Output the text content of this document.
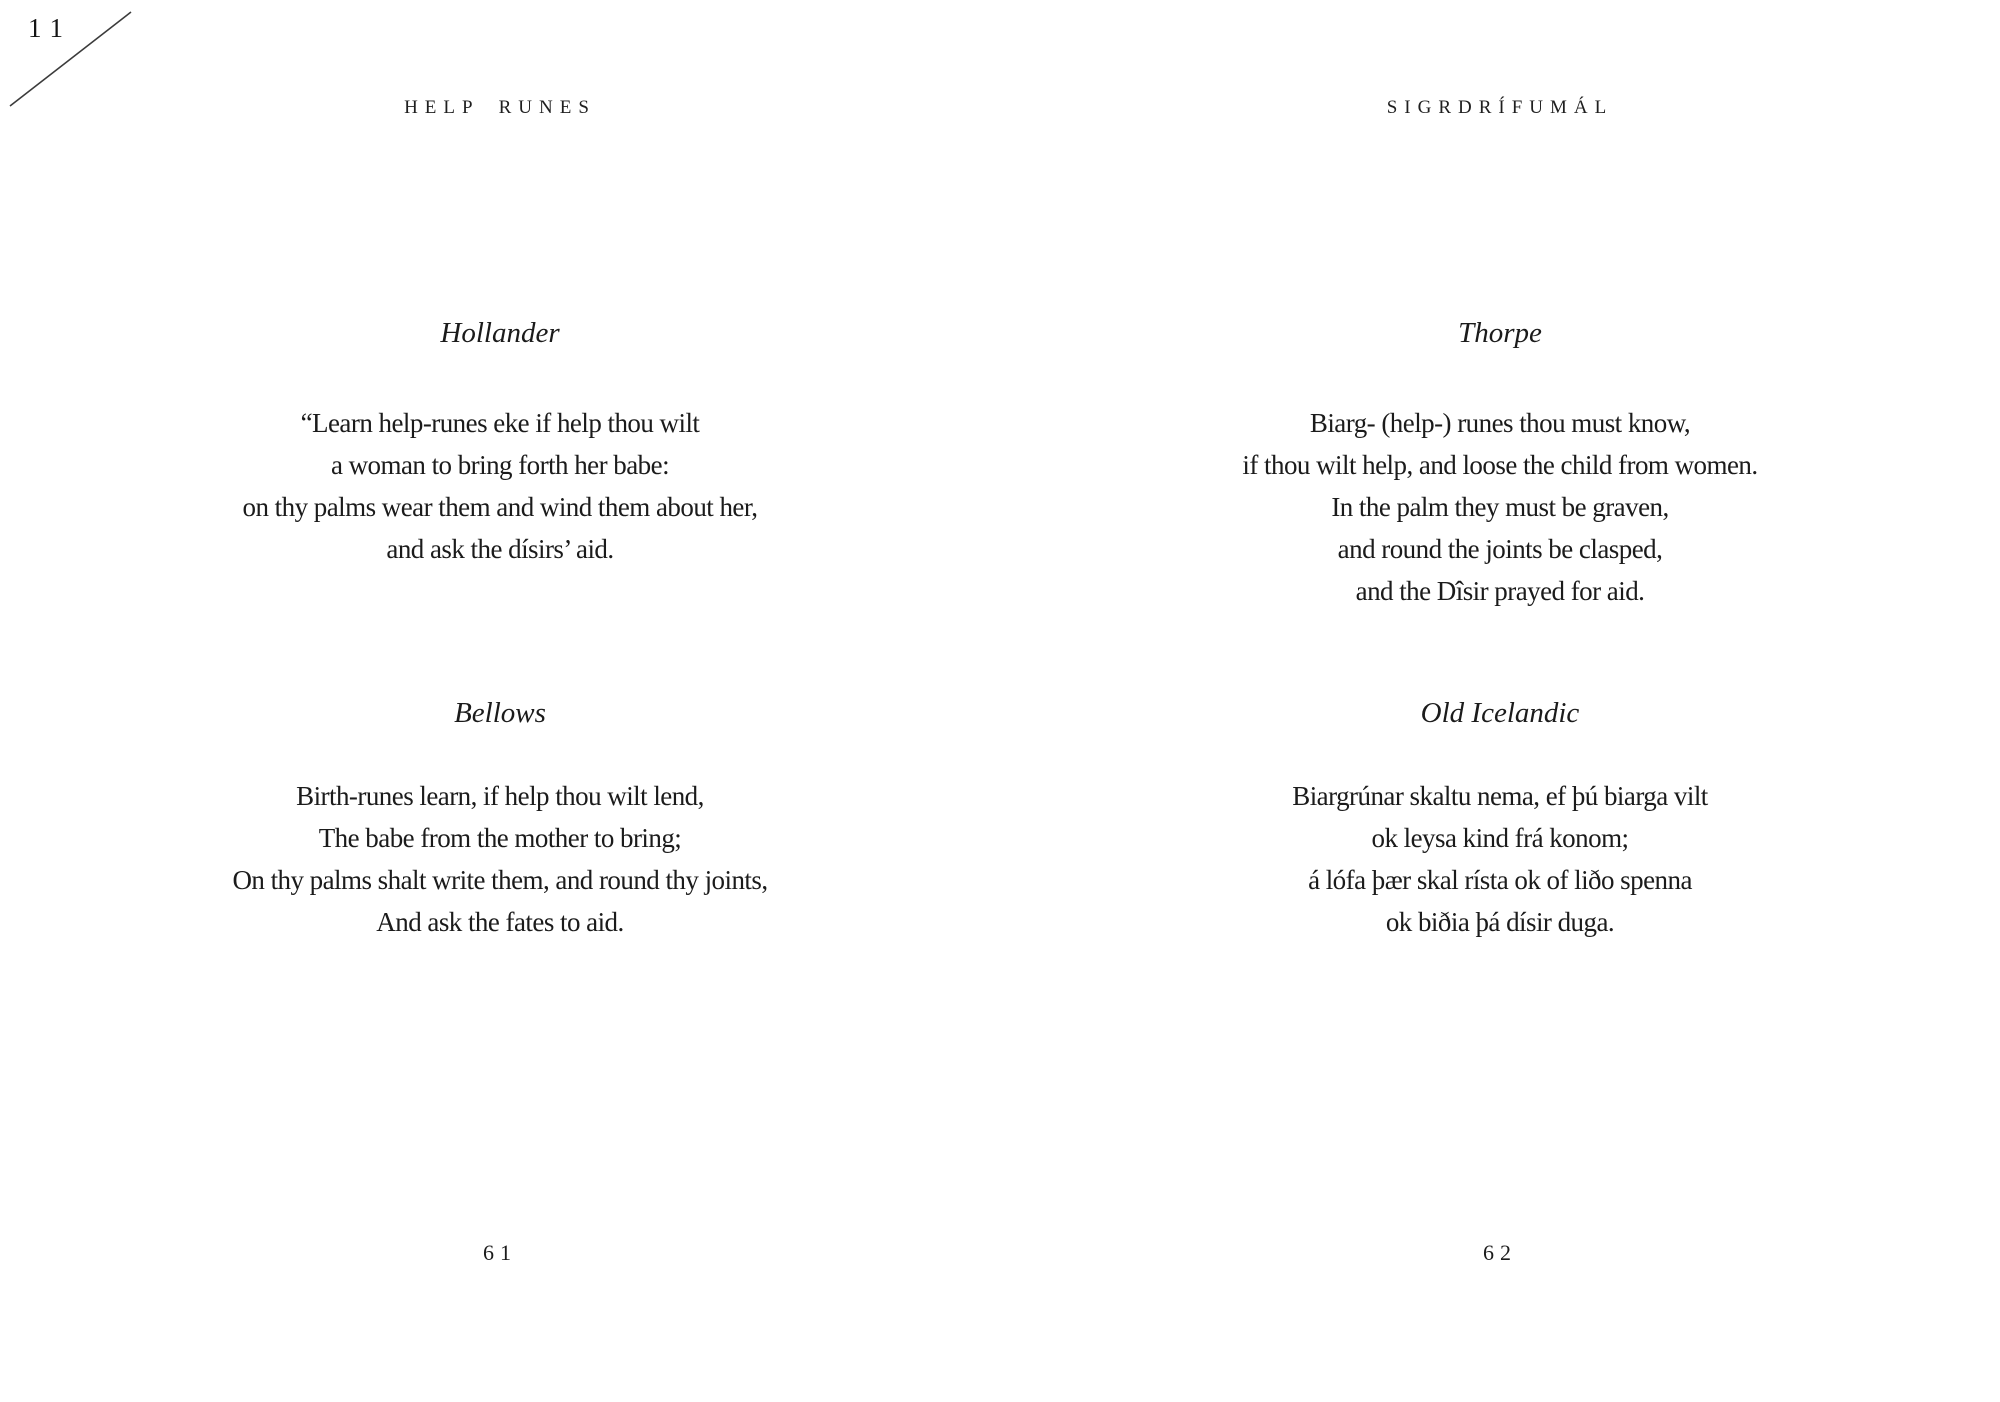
11
HELP RUNES
Hollander
“Learn help-runes eke if help thou wilt
a woman to bring forth her babe:
on thy palms wear them and wind them about her,
and ask the dísirs’ aid.
Bellows
Birth-runes learn, if help thou wilt lend,
The babe from the mother to bring;
On thy palms shalt write them, and round thy joints,
And ask the fates to aid.
61
SIGRDRÍFUMÁL
Thorpe
Biarg- (help-) runes thou must know,
if thou wilt help, and loose the child from women.
In the palm they must be graven,
and round the joints be clasped,
and the Dîsir prayed for aid.
Old Icelandic
Biargrúnar skaltu nema, ef þú biarga vilt
ok leysa kind frá konom;
á lófa þær skal rísta ok of liðo spenna
ok biðia þá dísir duga.
62
